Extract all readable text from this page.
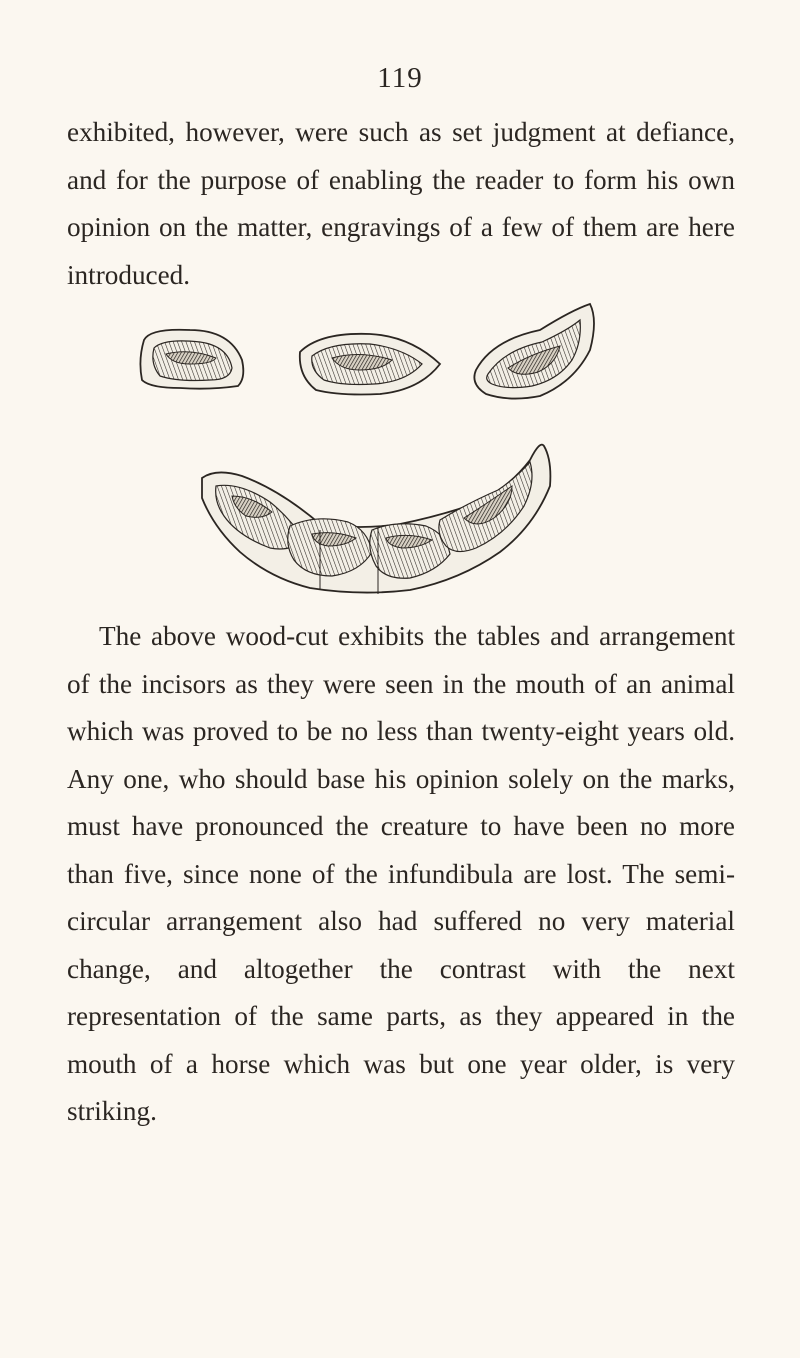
119

exhibited, however, were such as set judgment at defiance, and for the purpose of enabling the reader to form his own opinion on the matter, engravings of a few of them are here introduced.

The above wood-cut exhibits the tables and arrangement of the incisors as they were seen in the mouth of an animal which was proved to be no less than twenty-eight years old. Any one, who should base his opinion solely on the marks, must have pronounced the creature to have been no more than five, since none of the infundibula are lost. The semi-circular arrangement also had suffered no very material change, and altogether the contrast with the next representation of the same parts, as they appeared in the mouth of a horse which was but one year older, is very striking.
